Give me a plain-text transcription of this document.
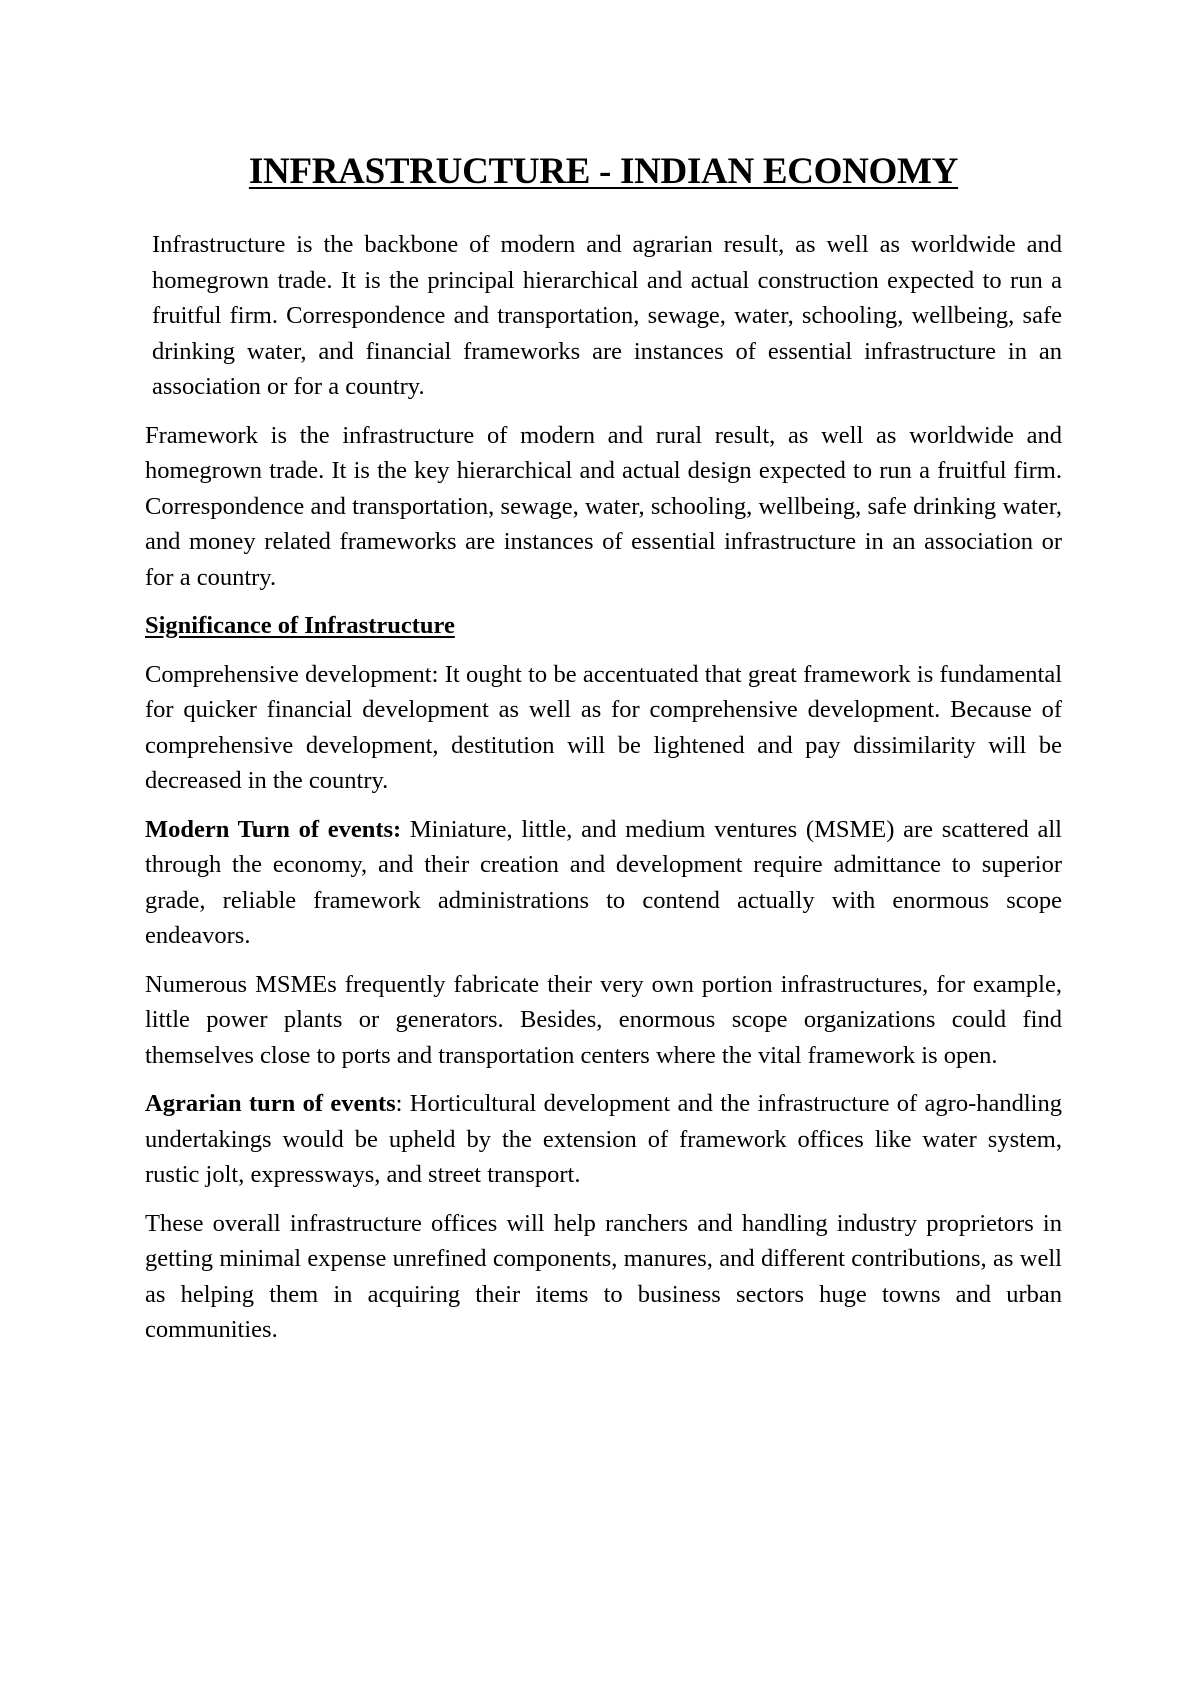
INFRASTRUCTURE - INDIAN ECONOMY

Infrastructure is the backbone of modern and agrarian result, as well as worldwide and homegrown trade. It is the principal hierarchical and actual construction expected to run a fruitful firm. Correspondence and transportation, sewage, water, schooling, wellbeing, safe drinking water, and financial frameworks are instances of essential infrastructure in an association or for a country.

Framework is the infrastructure of modern and rural result, as well as worldwide and homegrown trade. It is the key hierarchical and actual design expected to run a fruitful firm. Correspondence and transportation, sewage, water, schooling, wellbeing, safe drinking water, and money related frameworks are instances of essential infrastructure in an association or for a country.

Significance of Infrastructure

Comprehensive development: It ought to be accentuated that great framework is fundamental for quicker financial development as well as for comprehensive development. Because of comprehensive development, destitution will be lightened and pay dissimilarity will be decreased in the country.

Modern Turn of events: Miniature, little, and medium ventures (MSME) are scattered all through the economy, and their creation and development require admittance to superior grade, reliable framework administrations to contend actually with enormous scope endeavors.

Numerous MSMEs frequently fabricate their very own portion infrastructures, for example, little power plants or generators. Besides, enormous scope organizations could find themselves close to ports and transportation centers where the vital framework is open.

Agrarian turn of events: Horticultural development and the infrastructure of agro-handling undertakings would be upheld by the extension of framework offices like water system, rustic jolt, expressways, and street transport.

These overall infrastructure offices will help ranchers and handling industry proprietors in getting minimal expense unrefined components, manures, and different contributions, as well as helping them in acquiring their items to business sectors huge towns and urban communities.
